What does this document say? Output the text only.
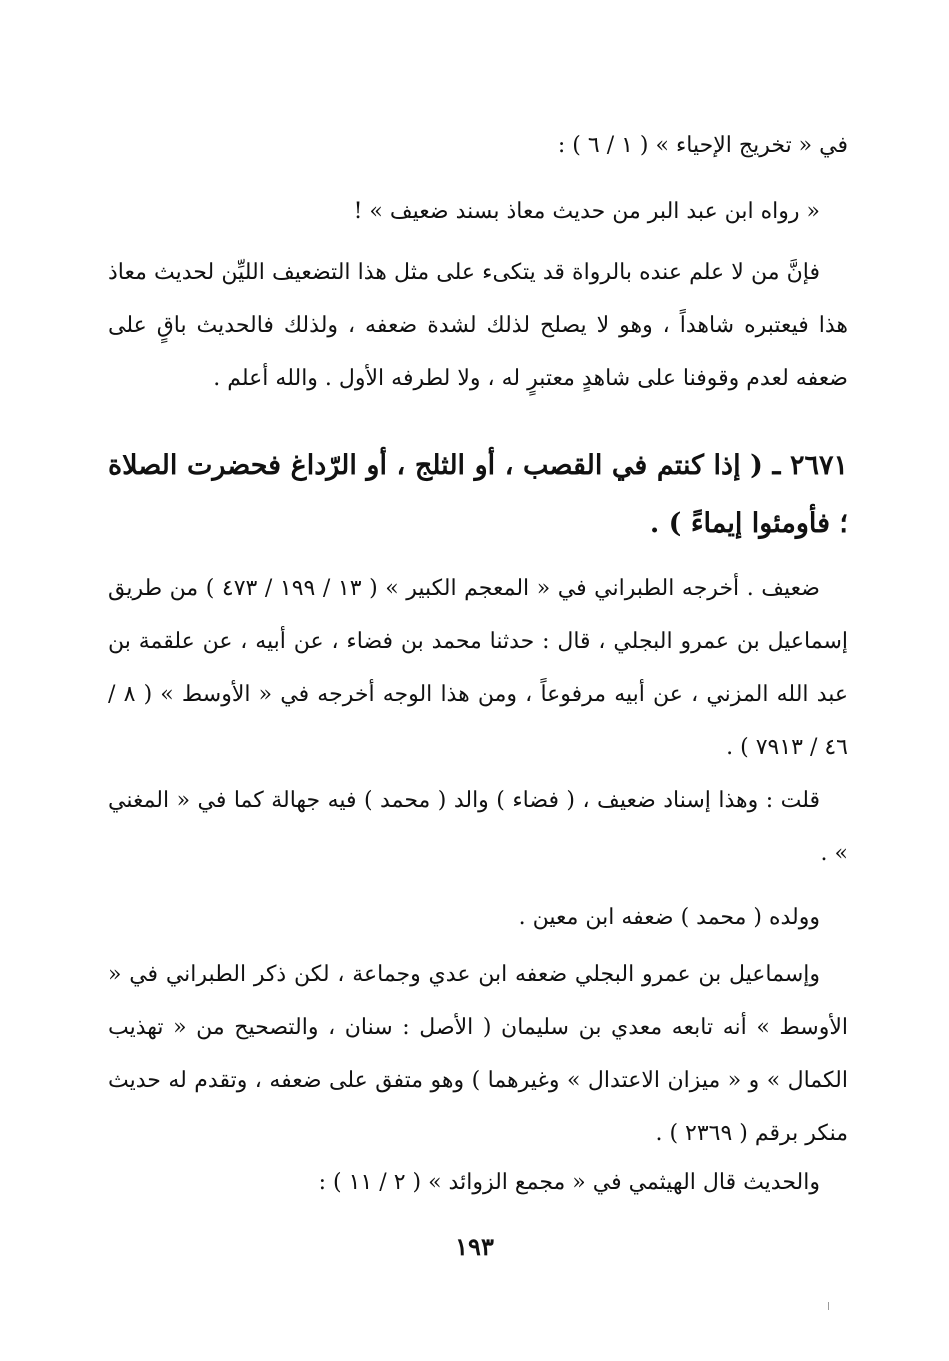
في « تخريج الإحياء » ( ١ / ٦ ) :
« رواه ابن عبد البر من حديث معاذ بسند ضعيف » !
فإنَّ من لا علم عنده بالرواة قد يتكىء على مثل هذا التضعيف الليِّن لحديث معاذ هذا فيعتبره شاهداً ، وهو لا يصلح لذلك لشدة ضعفه ، ولذلك فالحديث باقٍ على ضعفه لعدم وقوفنا على شاهدٍ معتبرٍ له ، ولا لطرفه الأول . والله أعلم .
٢٦٧١ ـ ( إذا كنتم في القصب ، أو الثلج ، أو الرّداغ فحضرت الصلاة ؛ فأومئوا إيماءً ) .
ضعيف . أخرجه الطبراني في « المعجم الكبير » ( ١٣ / ١٩٩ / ٤٧٣ ) من طريق إسماعيل بن عمرو البجلي ، قال : حدثنا محمد بن فضاء ، عن أبيه ، عن علقمة بن عبد الله المزني ، عن أبيه مرفوعاً ، ومن هذا الوجه أخرجه في « الأوسط » ( ٨ / ٤٦ / ٧٩١٣ ) .
قلت : وهذا إسناد ضعيف ، ( فضاء ) والد ( محمد ) فيه جهالة كما في « المغني » .
وولده ( محمد ) ضعفه ابن معين .
وإسماعيل بن عمرو البجلي ضعفه ابن عدي وجماعة ، لكن ذكر الطبراني في « الأوسط » أنه تابعه معدي بن سليمان ( الأصل : سنان ، والتصحيح من « تهذيب الكمال » و « ميزان الاعتدال » وغيرهما ) وهو متفق على ضعفه ، وتقدم له حديث منكر برقم ( ٢٣٦٩ ) .
والحديث قال الهيثمي في « مجمع الزوائد » ( ٢ / ١١ ) :
١٩٣
